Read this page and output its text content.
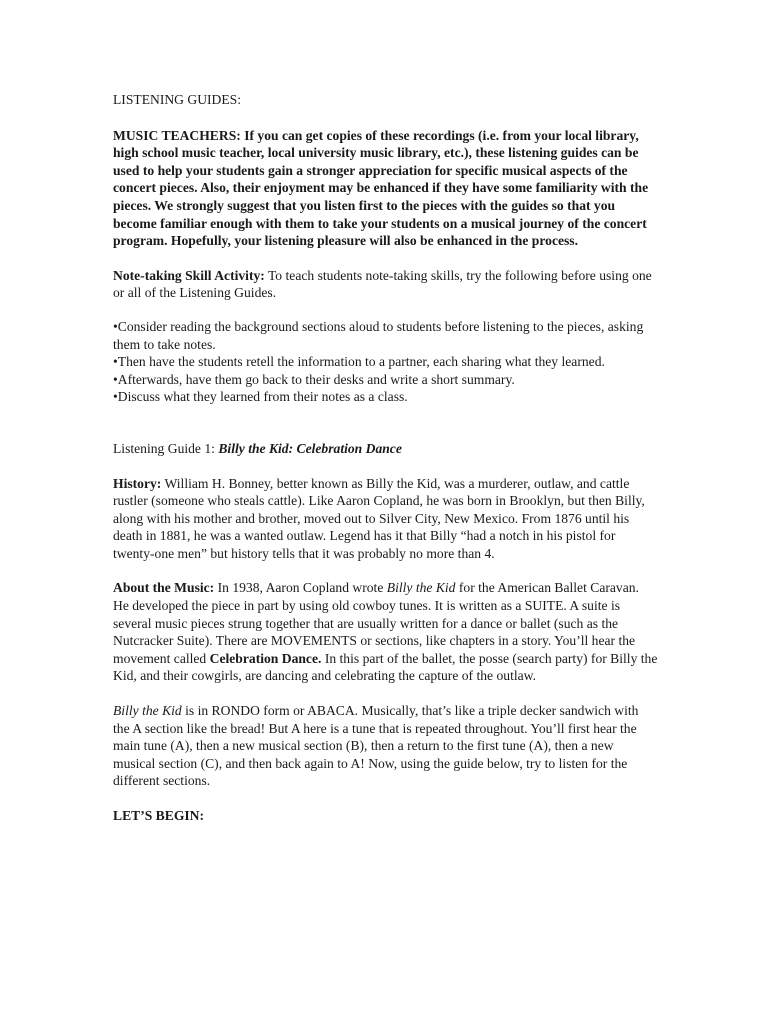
LISTENING GUIDES:

MUSIC TEACHERS: If you can get copies of these recordings (i.e. from your local library, high school music teacher, local university music library, etc.), these listening guides can be used to help your students gain a stronger appreciation for specific musical aspects of the concert pieces. Also, their enjoyment may be enhanced if they have some familiarity with the pieces. We strongly suggest that you listen first to the pieces with the guides so that you become familiar enough with them to take your students on a musical journey of the concert program. Hopefully, your listening pleasure will also be enhanced in the process.

Note-taking Skill Activity: To teach students note-taking skills, try the following before using one or all of the Listening Guides.

•Consider reading the background sections aloud to students before listening to the pieces, asking them to take notes.
•Then have the students retell the information to a partner, each sharing what they learned.
•Afterwards, have them go back to their desks and write a short summary.
•Discuss what they learned from their notes as a class.

Listening Guide 1: Billy the Kid: Celebration Dance

History: William H. Bonney, better known as Billy the Kid, was a murderer, outlaw, and cattle rustler (someone who steals cattle). Like Aaron Copland, he was born in Brooklyn, but then Billy, along with his mother and brother, moved out to Silver City, New Mexico. From 1876 until his death in 1881, he was a wanted outlaw. Legend has it that Billy “had a notch in his pistol for twenty-one men” but history tells that it was probably no more than 4.

About the Music: In 1938, Aaron Copland wrote Billy the Kid for the American Ballet Caravan. He developed the piece in part by using old cowboy tunes. It is written as a SUITE. A suite is several music pieces strung together that are usually written for a dance or ballet (such as the Nutcracker Suite). There are MOVEMENTS or sections, like chapters in a story. You’ll hear the movement called Celebration Dance. In this part of the ballet, the posse (search party) for Billy the Kid, and their cowgirls, are dancing and celebrating the capture of the outlaw.

Billy the Kid is in RONDO form or ABACA. Musically, that’s like a triple decker sandwich with the A section like the bread! But A here is a tune that is repeated throughout. You’ll first hear the main tune (A), then a new musical section (B), then a return to the first tune (A), then a new musical section (C), and then back again to A! Now, using the guide below, try to listen for the different sections.

LET’S BEGIN:
